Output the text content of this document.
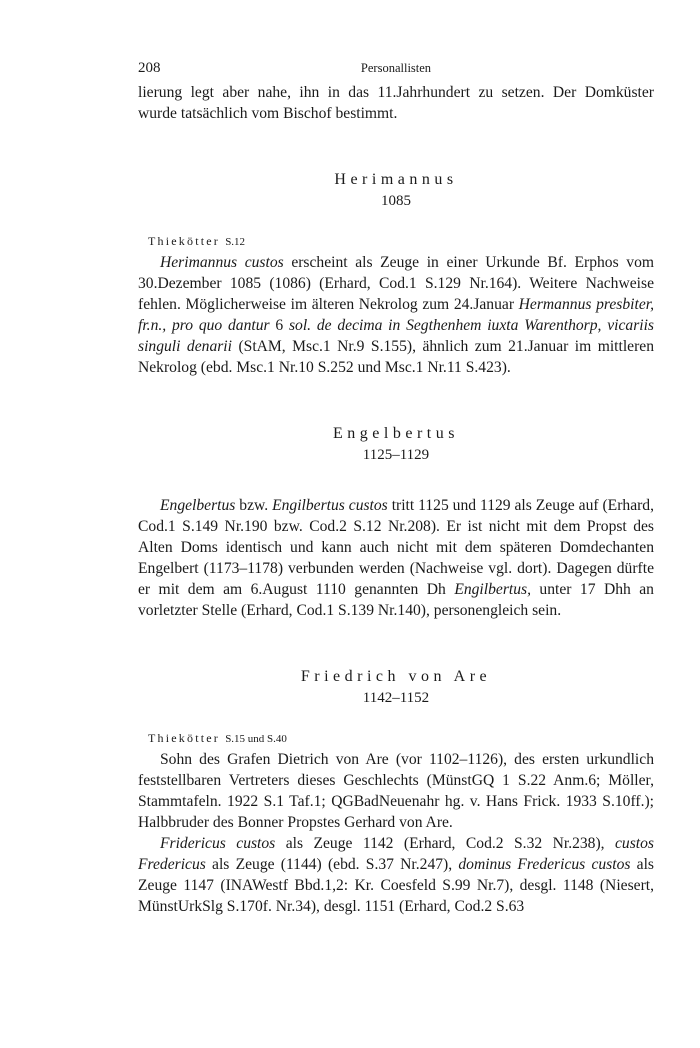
208	Personallisten

lierung legt aber nahe, ihn in das 11.Jahrhundert zu setzen. Der Domküster

wurde tatsächlich vom Bischof bestimmt.

Herimannus

1085

Thiekötter S.12

Herimannus custos erscheint als Zeuge in einer Urkunde Bf. Erphos vom 30.Dezember 1085 (1086) (Erhard, Cod.1 S.129 Nr.164). Weitere Nachweise fehlen. Möglicherweise im älteren Nekrolog zum 24.Januar Hermannus presbiter, fr.n., pro quo dantur 6 sol. de decima in Segthenhem iuxta Warenthorp, vicariis singuli denarii (StAM, Msc.1 Nr.9 S.155), ähnlich zum 21.Januar im mittleren Nekrolog (ebd. Msc.1 Nr.10 S.252 und Msc.1 Nr.11 S.423).

Engelbertus

1125–1129

Engelbertus bzw. Engilbertus custos tritt 1125 und 1129 als Zeuge auf (Erhard, Cod.1 S.149 Nr.190 bzw. Cod.2 S.12 Nr.208). Er ist nicht mit dem Propst des Alten Doms identisch und kann auch nicht mit dem späteren Domdechanten Engelbert (1173–1178) verbunden werden (Nachweise vgl. dort). Dagegen dürfte er mit dem am 6.August 1110 genannten Dh Engilbertus, unter 17 Dhh an vorletzter Stelle (Erhard, Cod.1 S.139 Nr.140), personengleich sein.

Friedrich von Are

1142–1152

Thiekötter S.15 und S.40

Sohn des Grafen Dietrich von Are (vor 1102–1126), des ersten urkundlich feststellbaren Vertreters dieses Geschlechts (MünstGQ 1 S.22 Anm.6; Möller, Stammtafeln. 1922 S.1 Taf.1; QGBadNeuenahr hg. v. Hans Frick. 1933 S.10ff.); Halbbruder des Bonner Propstes Gerhard von Are.

Fridericus custos als Zeuge 1142 (Erhard, Cod.2 S.32 Nr.238), custos Fredericus als Zeuge (1144) (ebd. S.37 Nr.247), dominus Fredericus custos als Zeuge 1147 (INAWestf Bbd.1,2: Kr. Coesfeld S.99 Nr.7), desgl. 1148 (Niesert, MünstUrkSlg S.170f. Nr.34), desgl. 1151 (Erhard, Cod.2 S.63
